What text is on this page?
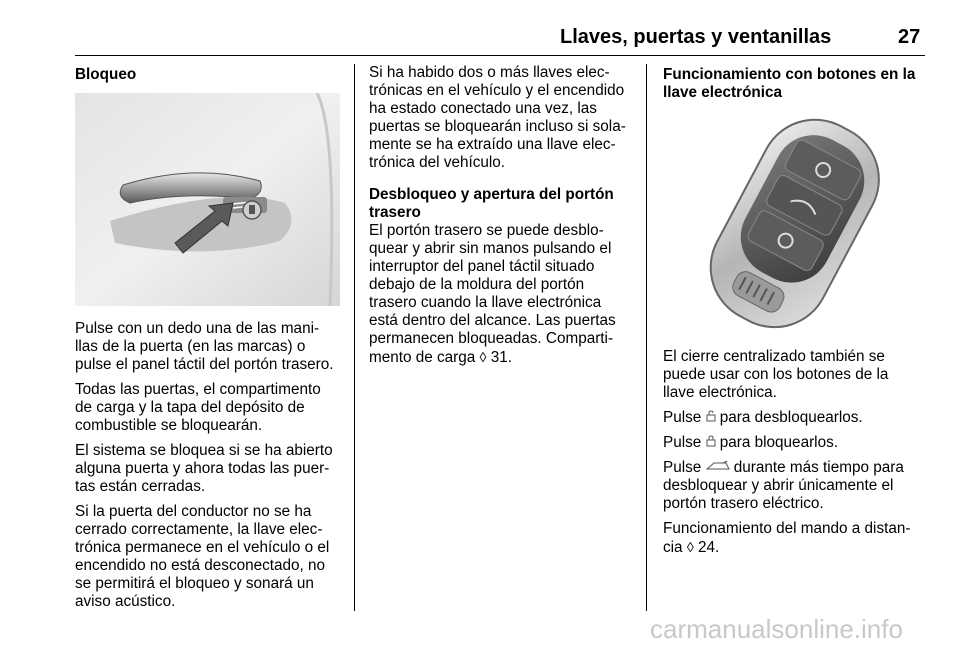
Llaves, puertas y ventanillas	27
Bloqueo
Pulse con un dedo una de las mani-
llas de la puerta (en las marcas) o
pulse el panel táctil del portón trasero.
Todas las puertas, el compartimento
de carga y la tapa del depósito de
combustible se bloquearán.
El sistema se bloquea si se ha abierto
alguna puerta y ahora todas las puer-
tas están cerradas.
Si la puerta del conductor no se ha
cerrado correctamente, la llave elec-
trónica permanece en el vehículo o el
encendido no está desconectado, no
se permitirá el bloqueo y sonará un
aviso acústico.
Si ha habido dos o más llaves elec-
trónicas en el vehículo y el encendido
ha estado conectado una vez, las
puertas se bloquearán incluso si sola-
mente se ha extraído una llave elec-
trónica del vehículo.
Desbloqueo y apertura del portón
trasero
El portón trasero se puede desblo-
quear y abrir sin manos pulsando el
interruptor del panel táctil situado
debajo de la moldura del portón
trasero cuando la llave electrónica
está dentro del alcance. Las puertas
permanecen bloqueadas. Comparti-
mento de carga ◊ 31.
Funcionamiento con botones en la
llave electrónica
El cierre centralizado también se
puede usar con los botones de la
llave electrónica.
Pulse para desbloquearlos.
Pulse para bloquearlos.
Pulse durante más tiempo para
desbloquear y abrir únicamente el
portón trasero eléctrico.
Funcionamiento del mando a distan-
cia ◊ 24.
carmanualsonline.info
